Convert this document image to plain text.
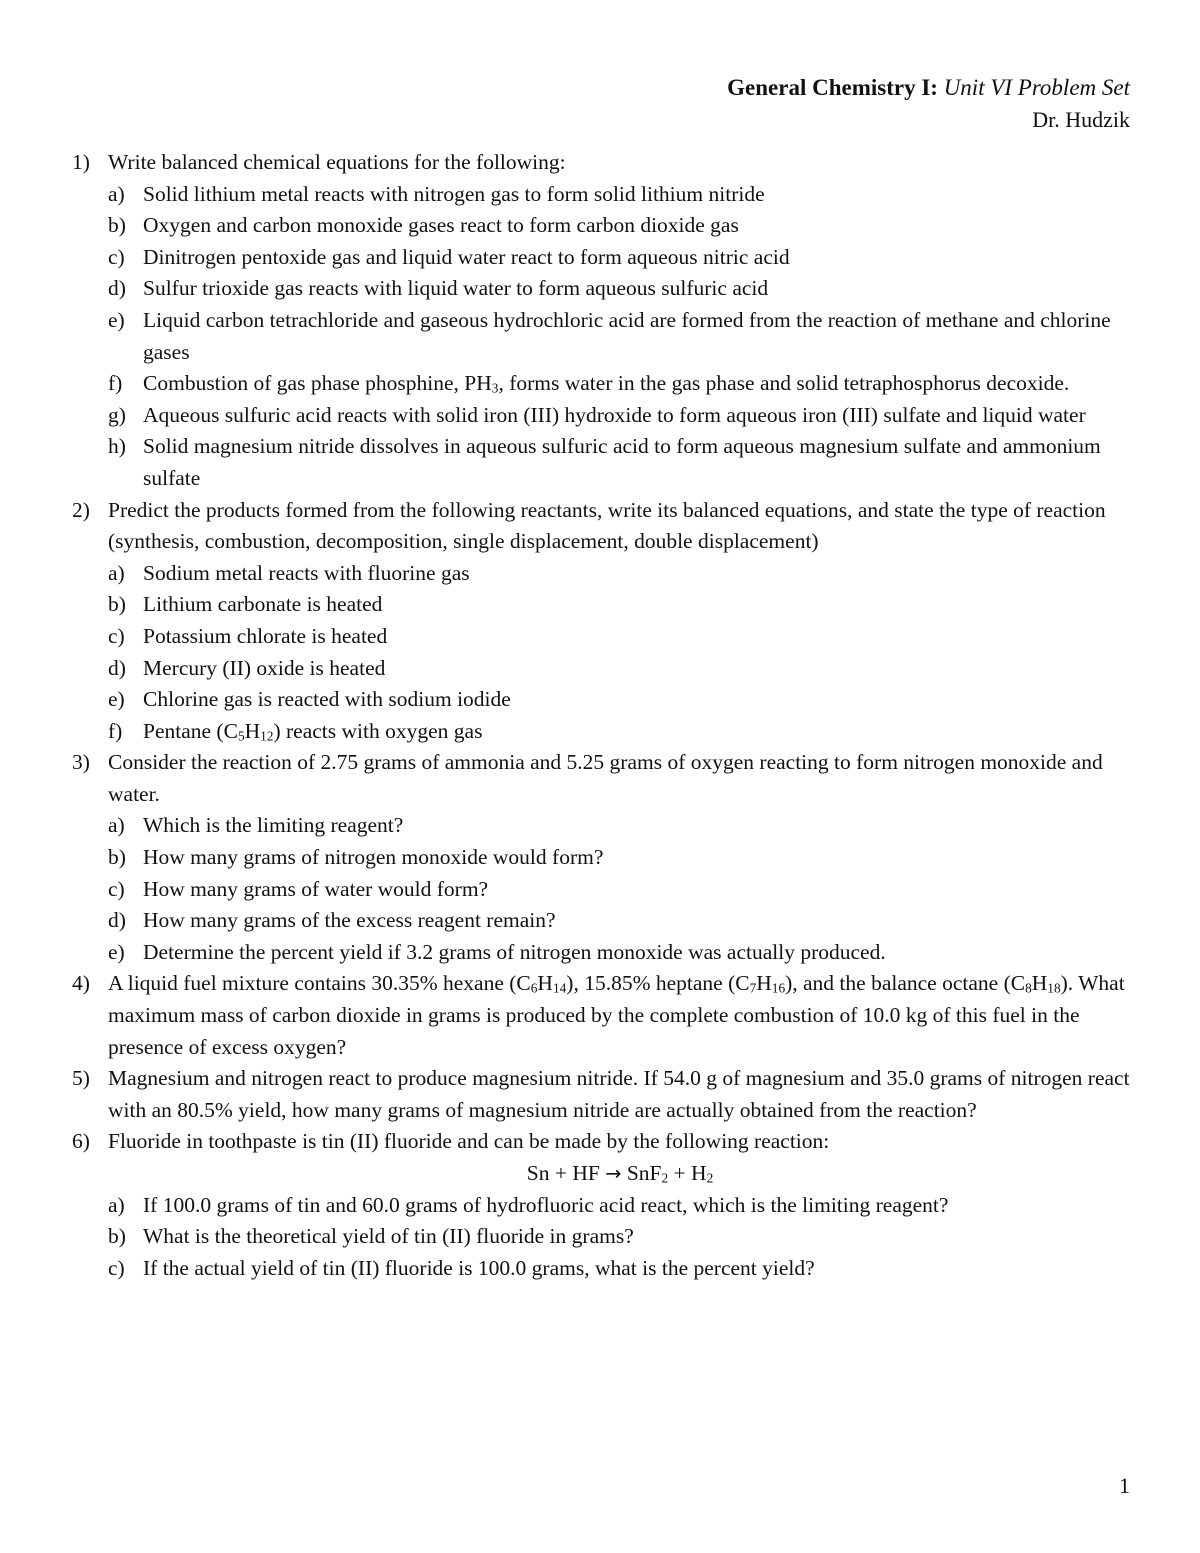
General Chemistry I: Unit VI Problem Set
Dr. Hudzik
1) Write balanced chemical equations for the following:
a) Solid lithium metal reacts with nitrogen gas to form solid lithium nitride
b) Oxygen and carbon monoxide gases react to form carbon dioxide gas
c) Dinitrogen pentoxide gas and liquid water react to form aqueous nitric acid
d) Sulfur trioxide gas reacts with liquid water to form aqueous sulfuric acid
e) Liquid carbon tetrachloride and gaseous hydrochloric acid are formed from the reaction of methane and chlorine gases
f) Combustion of gas phase phosphine, $PH_3$, forms water in the gas phase and solid tetraphosphorus decoxide.
g) Aqueous sulfuric acid reacts with solid iron (III) hydroxide to form aqueous iron (III) sulfate and liquid water
h) Solid magnesium nitride dissolves in aqueous sulfuric acid to form aqueous magnesium sulfate and ammonium sulfate
2) Predict the products formed from the following reactants, write its balanced equations, and state the type of reaction (synthesis, combustion, decomposition, single displacement, double displacement)
a) Sodium metal reacts with fluorine gas
b) Lithium carbonate is heated
c) Potassium chlorate is heated
d) Mercury (II) oxide is heated
e) Chlorine gas is reacted with sodium iodide
f) Pentane $(C_5H_{12})$ reacts with oxygen gas
3) Consider the reaction of 2.75 grams of ammonia and 5.25 grams of oxygen reacting to form nitrogen monoxide and water.
a) Which is the limiting reagent?
b) How many grams of nitrogen monoxide would form?
c) How many grams of water would form?
d) How many grams of the excess reagent remain?
e) Determine the percent yield if 3.2 grams of nitrogen monoxide was actually produced.
4) A liquid fuel mixture contains 30.35% hexane $(C_6H_{14})$, 15.85% heptane $(C_7H_{16})$, and the balance octane $(C_8H_{18})$. What maximum mass of carbon dioxide in grams is produced by the complete combustion of 10.0 kg of this fuel in the presence of excess oxygen?
5) Magnesium and nitrogen react to produce magnesium nitride. If 54.0 g of magnesium and 35.0 grams of nitrogen react with an 80.5% yield, how many grams of magnesium nitride are actually obtained from the reaction?
6) Fluoride in toothpaste is tin (II) fluoride and can be made by the following reaction:
Sn + HF → $SnF_2 + H_2$
a) If 100.0 grams of tin and 60.0 grams of hydrofluoric acid react, which is the limiting reagent?
b) What is the theoretical yield of tin (II) fluoride in grams?
c) If the actual yield of tin (II) fluoride is 100.0 grams, what is the percent yield?
1
